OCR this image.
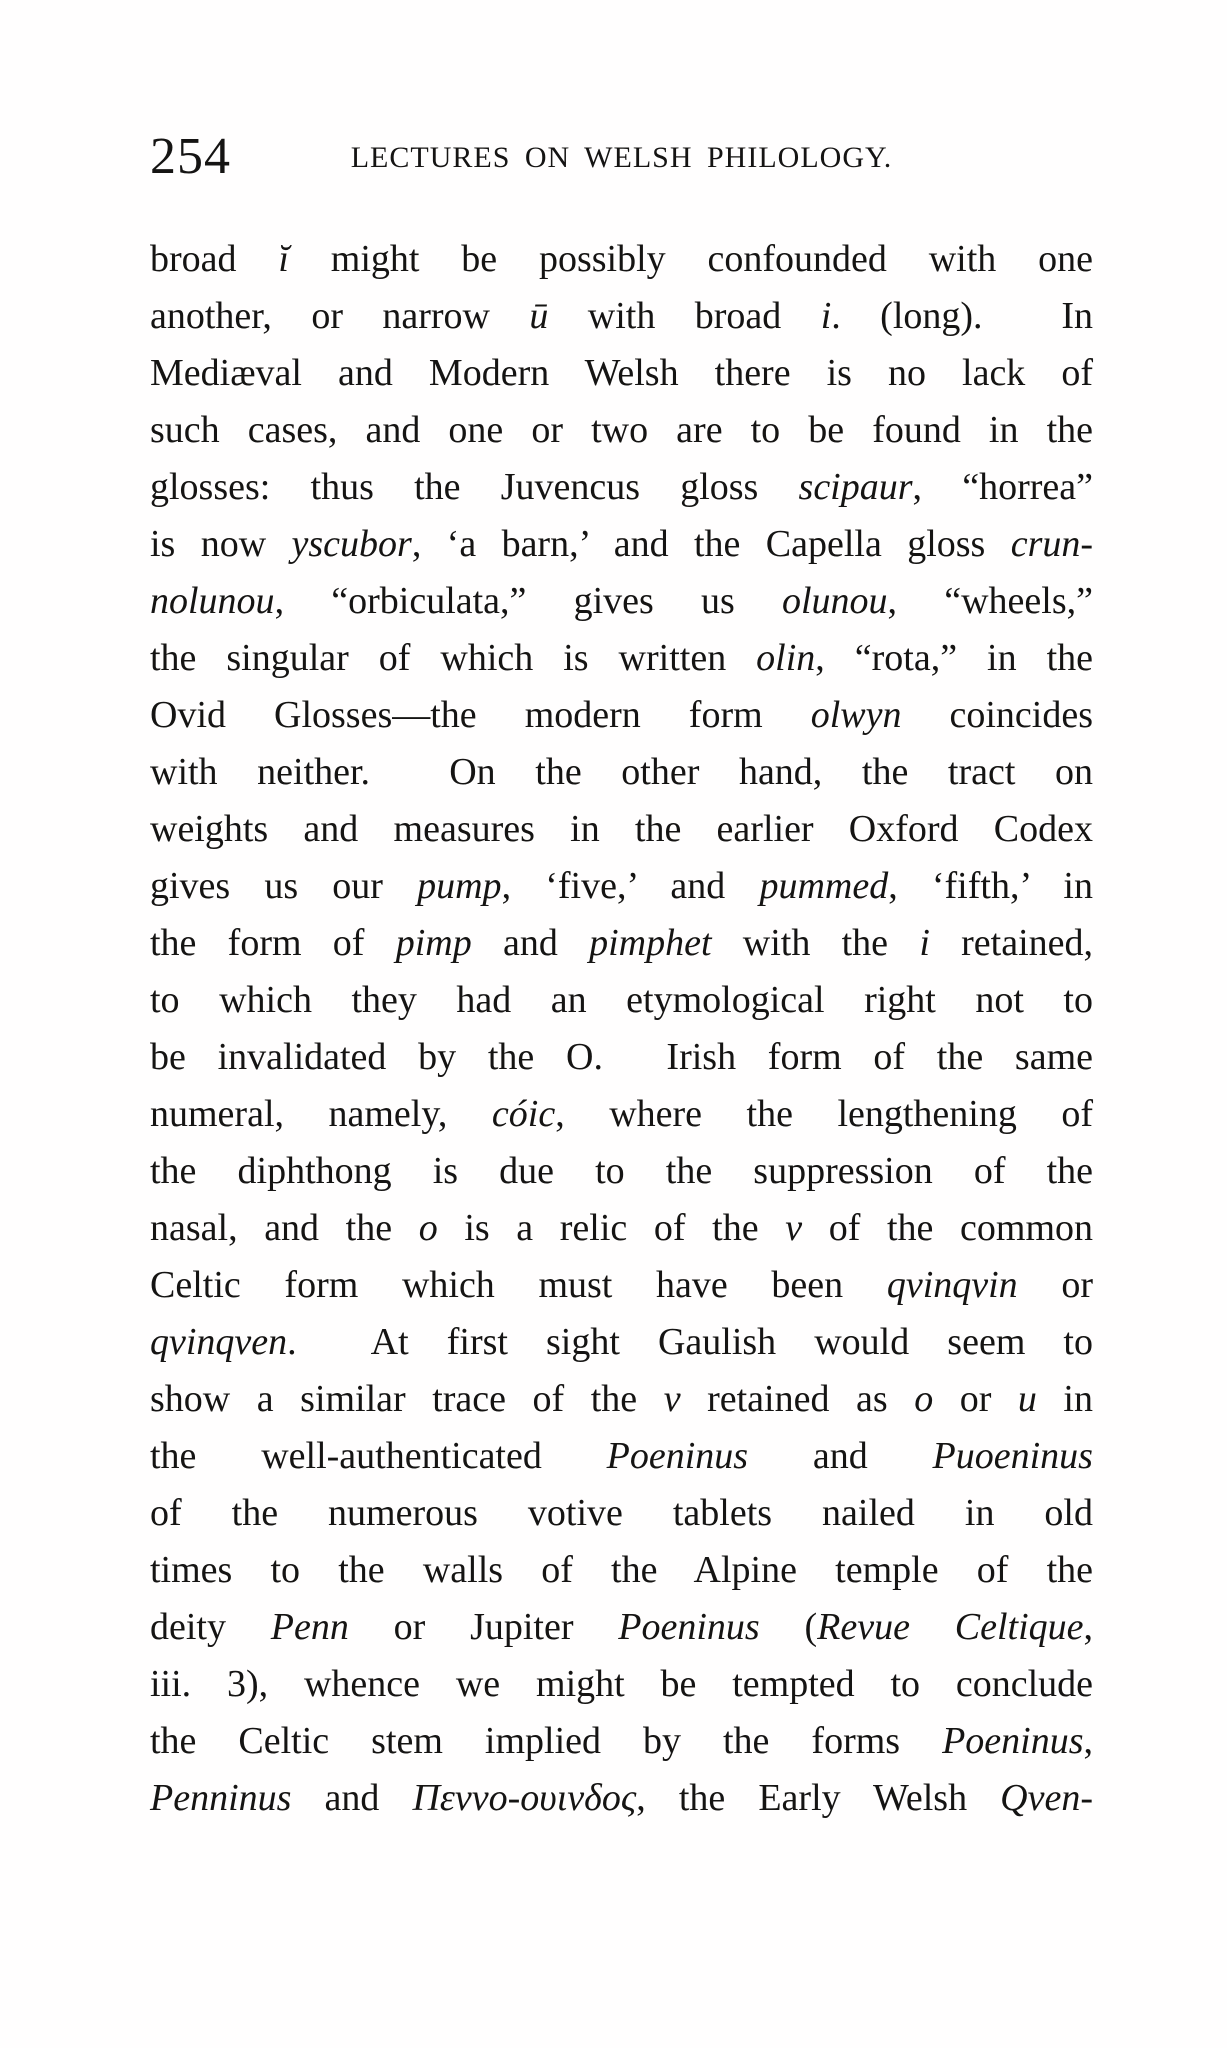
254	LECTURES ON WELSH PHILOLOGY.
broad ĭ might be possibly confounded with one
another, or narrow ū with broad i. (long).  In
Mediæval and Modern Welsh there is no lack of
such cases, and one or two are to be found in the
glosses: thus the Juvencus gloss scipaur, “horrea”
is now yscubor, ‘a barn,’ and the Capella gloss crun-
nolunou, “orbiculata,” gives us olunou, “wheels,”
the singular of which is written olin, “rota,” in the
Ovid Glosses—the modern form olwyn coincides
with neither.  On the other hand, the tract on
weights and measures in the earlier Oxford Codex
gives us our pump, ‘five,’ and pummed, ‘fifth,’ in
the form of pimp and pimphet with the i retained,
to which they had an etymological right not to
be invalidated by the O.  Irish form of the same
numeral, namely, cóic, where the lengthening of
the diphthong is due to the suppression of the
nasal, and the o is a relic of the v of the common
Celtic form which must have been qvinqvin or
qvinqven.  At first sight Gaulish would seem to
show a similar trace of the v retained as o or u in
the well-authenticated Poeninus and Puoeninus
of the numerous votive tablets nailed in old
times to the walls of the Alpine temple of the
deity Penn or Jupiter Poeninus (Revue Celtique,
iii. 3), whence we might be tempted to conclude
the Celtic stem implied by the forms Poeninus,
Penninus and Πεννο-ουινδος, the Early Welsh Qven-
